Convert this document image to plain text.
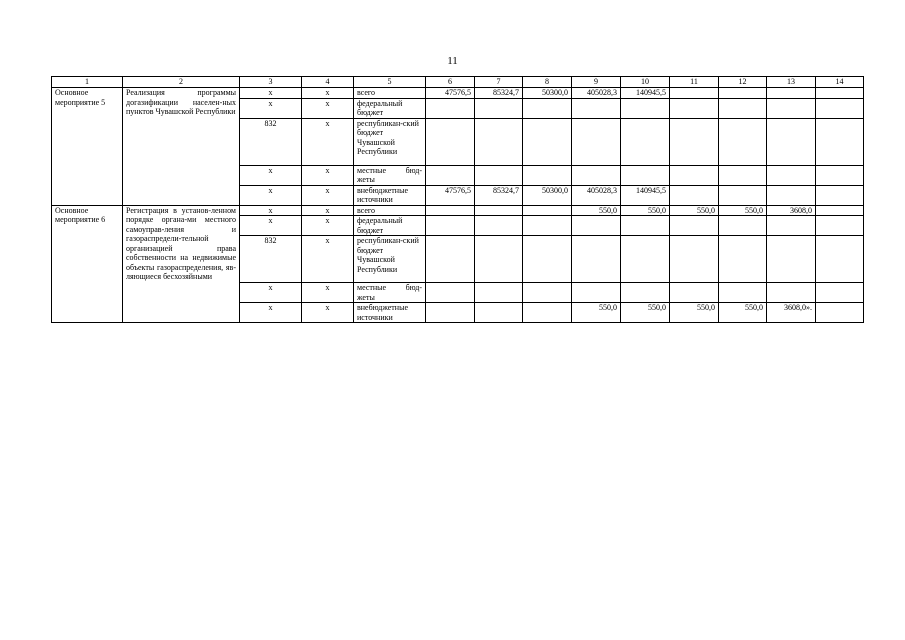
11
1	2	3	4	5	6	7	8	9	10	11	12	13	14
Основное мероприятие 5	Реализация программы догазификации населен-ных пунктов Чувашской Республики	х	х	всего	47576,5	85324,7	50300,0	405028,3	140945,5				
		х	х	федеральный бюджет									
		832	х	республикан-ский бюджет Чувашской Республики									
		х	х	местные бюд-жеты									
		х	х	внебюджетные источники	47576,5	85324,7	50300,0	405028,3	140945,5				
Основное мероприятие 6	Регистрация в установ-ленном порядке органа-ми местного самоуправ-ления и газораспредели-тельной организацией права собственности на недвижимые объекты газораспределения, яв-ляющиеся бесхозяйными	х	х	всего				550,0	550,0	550,0	550,0	3608,0	
		х	х	федеральный бюджет									
		832	х	республикан-ский бюджет Чувашской Республики									
		х	х	местные бюд-жеты									
		х	х	внебюджетные источники				550,0	550,0	550,0	550,0	3608,0».	
